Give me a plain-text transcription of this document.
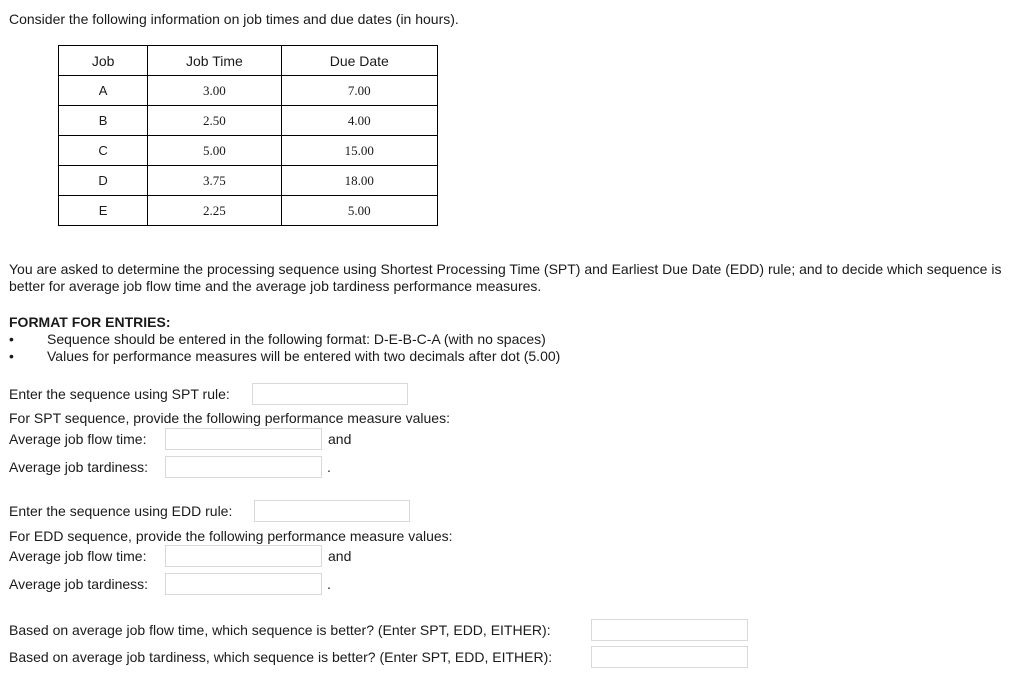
Consider the following information on job times and due dates (in hours).
Job	Job Time	Due Date
A	3.00	7.00
B	2.50	4.00
C	5.00	15.00
D	3.75	18.00
E	2.25	5.00
You are asked to determine the processing sequence using Shortest Processing Time (SPT) and Earliest Due Date (EDD) rule; and to decide which sequence is better for average job flow time and the average job tardiness performance measures.
FORMAT FOR ENTRIES:
• Sequence should be entered in the following format: D-E-B-C-A (with no spaces)
• Values for performance measures will be entered with two decimals after dot (5.00)
Enter the sequence using SPT rule:
For SPT sequence, provide the following performance measure values:
Average job flow time:	and
Average job tardiness:	.
Enter the sequence using EDD rule:
For EDD sequence, provide the following performance measure values:
Average job flow time:	and
Average job tardiness:	.
Based on average job flow time, which sequence is better? (Enter SPT, EDD, EITHER):
Based on average job tardiness, which sequence is better? (Enter SPT, EDD, EITHER):
